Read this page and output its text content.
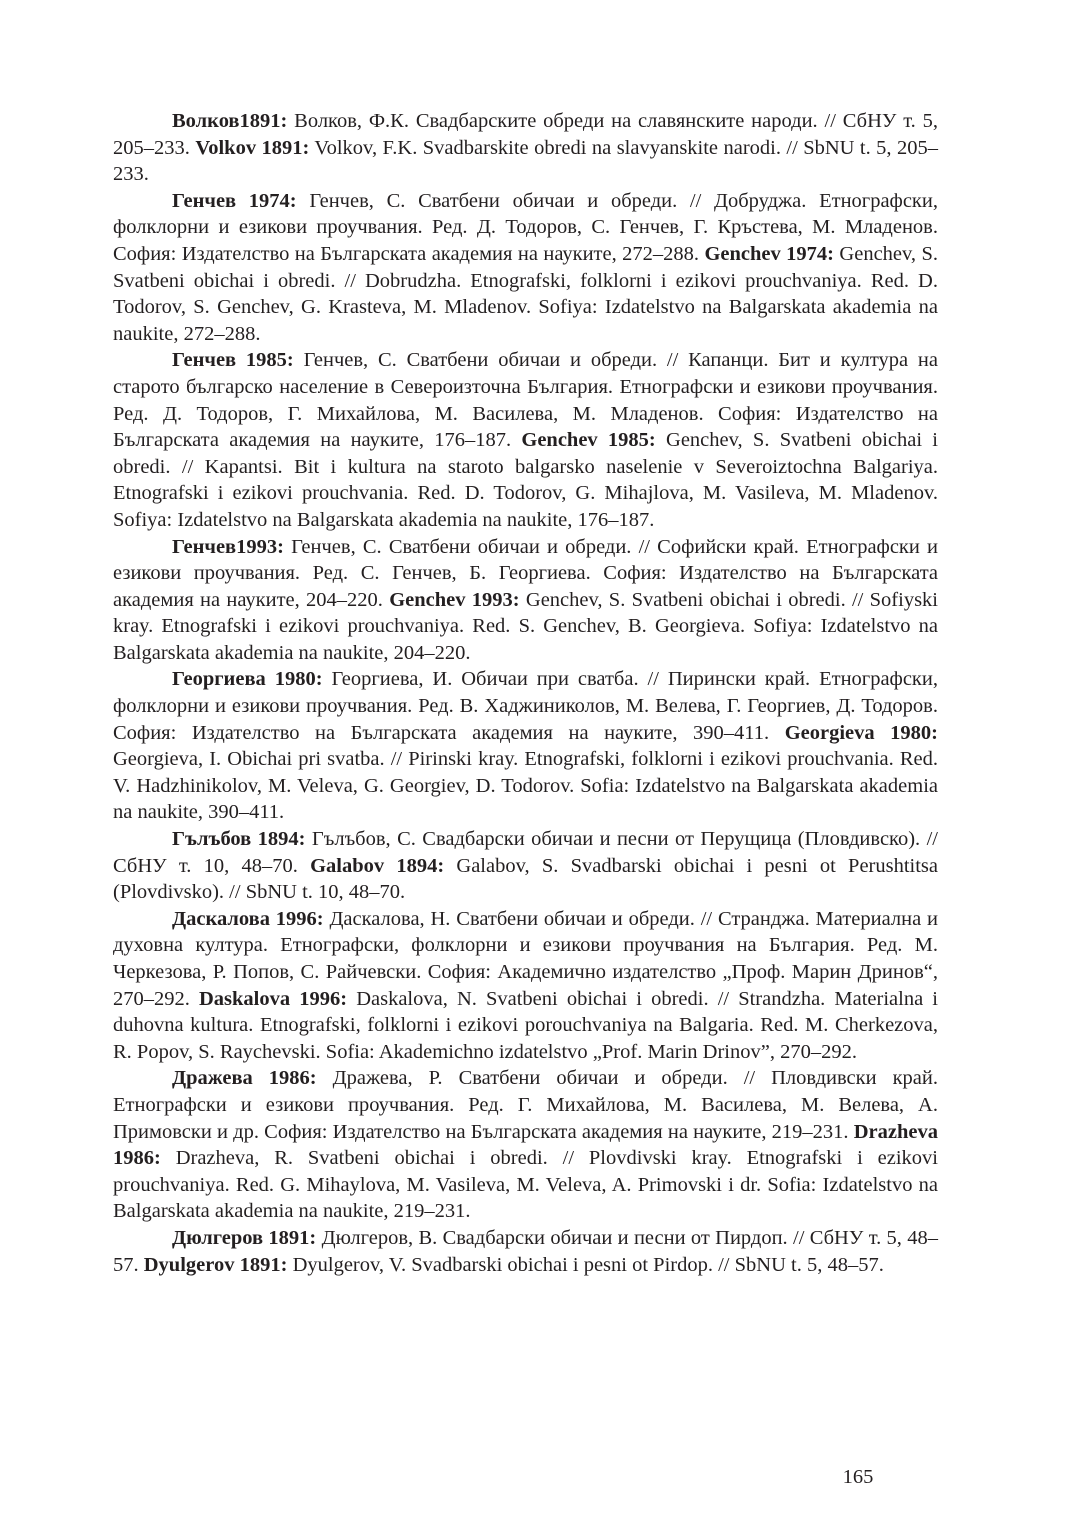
Волков1891: Волков, Ф.К. Свадбарските обреди на славянските народи. // СбНУ т. 5, 205–233. Volkov 1891: Volkov, F.K. Svadbarskite obredi na slavyanskite narodi. // SbNU t. 5, 205–233.

Генчев 1974: Генчев, С. Сватбени обичаи и обреди. // Добруджа. Етнографски, фолклорни и езикови проучвания. Ред. Д. Тодоров, С. Генчев, Г. Кръстева, М. Младенов. София: Издателство на Българската академия на науките, 272–288. Genchev 1974: Genchev, S. Svatbeni obichai i obredi. // Dobrudzha. Etnografski, folklorni i ezikovi prouchvaniya. Red. D. Todorov, S. Genchev, G. Krasteva, M. Mladenov. Sofiya: Izdatelstvo na Balgarskata akademia na naukite, 272–288.

Генчев 1985: Генчев, С. Сватбени обичаи и обреди. // Капанци. Бит и култура на старото българско население в Североизточна България. Етнографски и езикови проучвания. Ред. Д. Тодоров, Г. Михайлова, М. Василева, М. Младенов. София: Издателство на Българската академия на науките, 176–187. Genchev 1985: Genchev, S. Svatbeni obichai i obredi. // Kapantsi. Bit i kultura na staroto balgarsko naselenie v Severoiztochna Balgariya. Etnografski i ezikovi prouchvania. Red. D. Todorov, G. Mihajlova, M. Vasileva, M. Mladenov. Sofiya: Izdatelstvo na Balgarskata akademia na naukite, 176–187.

Генчев1993: Генчев, С. Сватбени обичаи и обреди. // Софийски край. Етнографски и езикови проучвания. Ред. С. Генчев, Б. Георгиева. София: Издателство на Българската академия на науките, 204–220. Genchev 1993: Genchev, S. Svatbeni obichai i obredi. // Sofiyski kray. Etnografski i ezikovi prouchvaniya. Red. S. Genchev, B. Georgieva. Sofiya: Izdatelstvo na Balgarskata akademia na naukite, 204–220.

Георгиева 1980: Георгиева, И. Обичаи при сватба. // Пирински край. Етнографски, фолклорни и езикови проучвания. Ред. В. Хаджиниколов, М. Велева, Г. Георгиев, Д. Тодоров. София: Издателство на Българската академия на науките, 390–411. Georgieva 1980: Georgieva, I. Obichai pri svatba. // Pirinski kray. Etnografski, folklorni i ezikovi prouchvania. Red. V. Hadzhinikolov, M. Veleva, G. Georgiev, D. Todorov. Sofia: Izdatelstvo na Balgarskata akademia na naukite, 390–411.

Гълъбов 1894: Гълъбов, С. Свадбарски обичаи и песни от Перущица (Пловдивско). // СбНУ т. 10, 48–70. Galabov 1894: Galabov, S. Svadbarski obichai i pesni ot Perushtitsa (Plovdivsko). // SbNU t. 10, 48–70.

Даскалова 1996: Даскалова, Н. Сватбени обичаи и обреди. // Странджа. Материална и духовна култура. Етнографски, фолклорни и езикови проучвания на България. Ред. М. Черкезова, Р. Попов, С. Райчевски. София: Академично издателство „Проф. Марин Дринов“, 270–292. Daskalova 1996: Daskalova, N. Svatbeni obichai i obredi. // Strandzha. Materialna i duhovna kultura. Etnografski, folklorni i ezikovi porouchvaniya na Balgaria. Red. M. Cherkezova, R. Popov, S. Raychevski. Sofia: Akademichno izdatelstvo „Prof. Marin Drinov”, 270–292.

Дражева 1986: Дражева, Р. Сватбени обичаи и обреди. // Пловдивски край. Етнографски и езикови проучвания. Ред. Г. Михайлова, М. Василева, М. Велева, А. Примовски и др. София: Издателство на Българската академия на науките, 219–231. Drazheva 1986: Drazheva, R. Svatbeni obichai i obredi. // Plovdivski kray. Etnografski i ezikovi prouchvaniya. Red. G. Mihaylova, M. Vasileva, M. Veleva, A. Primovski i dr. Sofia: Izdatelstvo na Balgarskata akademia na naukite, 219–231.

Дюлгеров 1891: Дюлгеров, В. Свадбарски обичаи и песни от Пирдоп. // СбНУ т. 5, 48–57. Dyulgerov 1891: Dyulgerov, V. Svadbarski obichai i pesni ot Pirdop. // SbNU t. 5, 48–57.

165
